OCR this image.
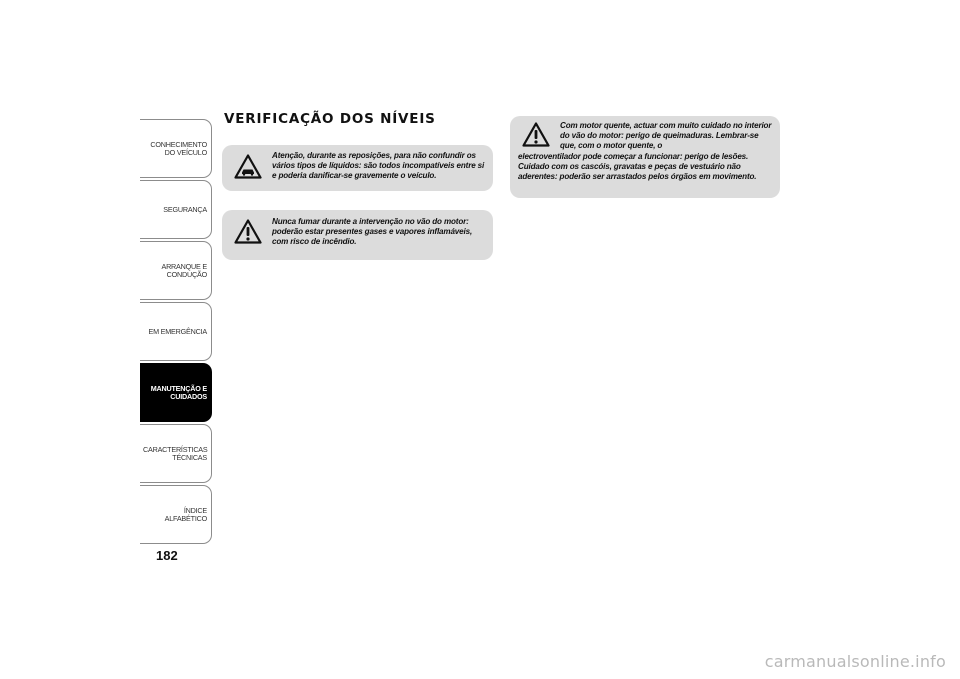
CONHECIMENTO DO VEÍCULO
SEGURANÇA
ARRANQUE E CONDUÇÃO
EM EMERGÊNCIA
MANUTENÇÃO E CUIDADOS
CARACTERÍSTICAS TÉCNICAS
ÍNDICE ALFABÉTICO
182
VERIFICAÇÃO DOS NÍVEIS
Atenção, durante as reposições, para não confundir os vários tipos de líquidos: são todos incompatíveis entre si e poderia danificar-se gravemente o veículo.
Nunca fumar durante a intervenção no vão do motor: poderão estar presentes gases e vapores inflamáveis, com risco de incêndio.
Com motor quente, actuar com muito cuidado no interior do vão do motor: perigo de queimaduras. Lembrar-se que, com o motor quente, o
electroventilador pode começar a funcionar: perigo de lesões. Cuidado com os cascóis, gravatas e peças de vestuário não aderentes: poderão ser arrastados pelos órgãos em movimento.
carmanualsonline.info
